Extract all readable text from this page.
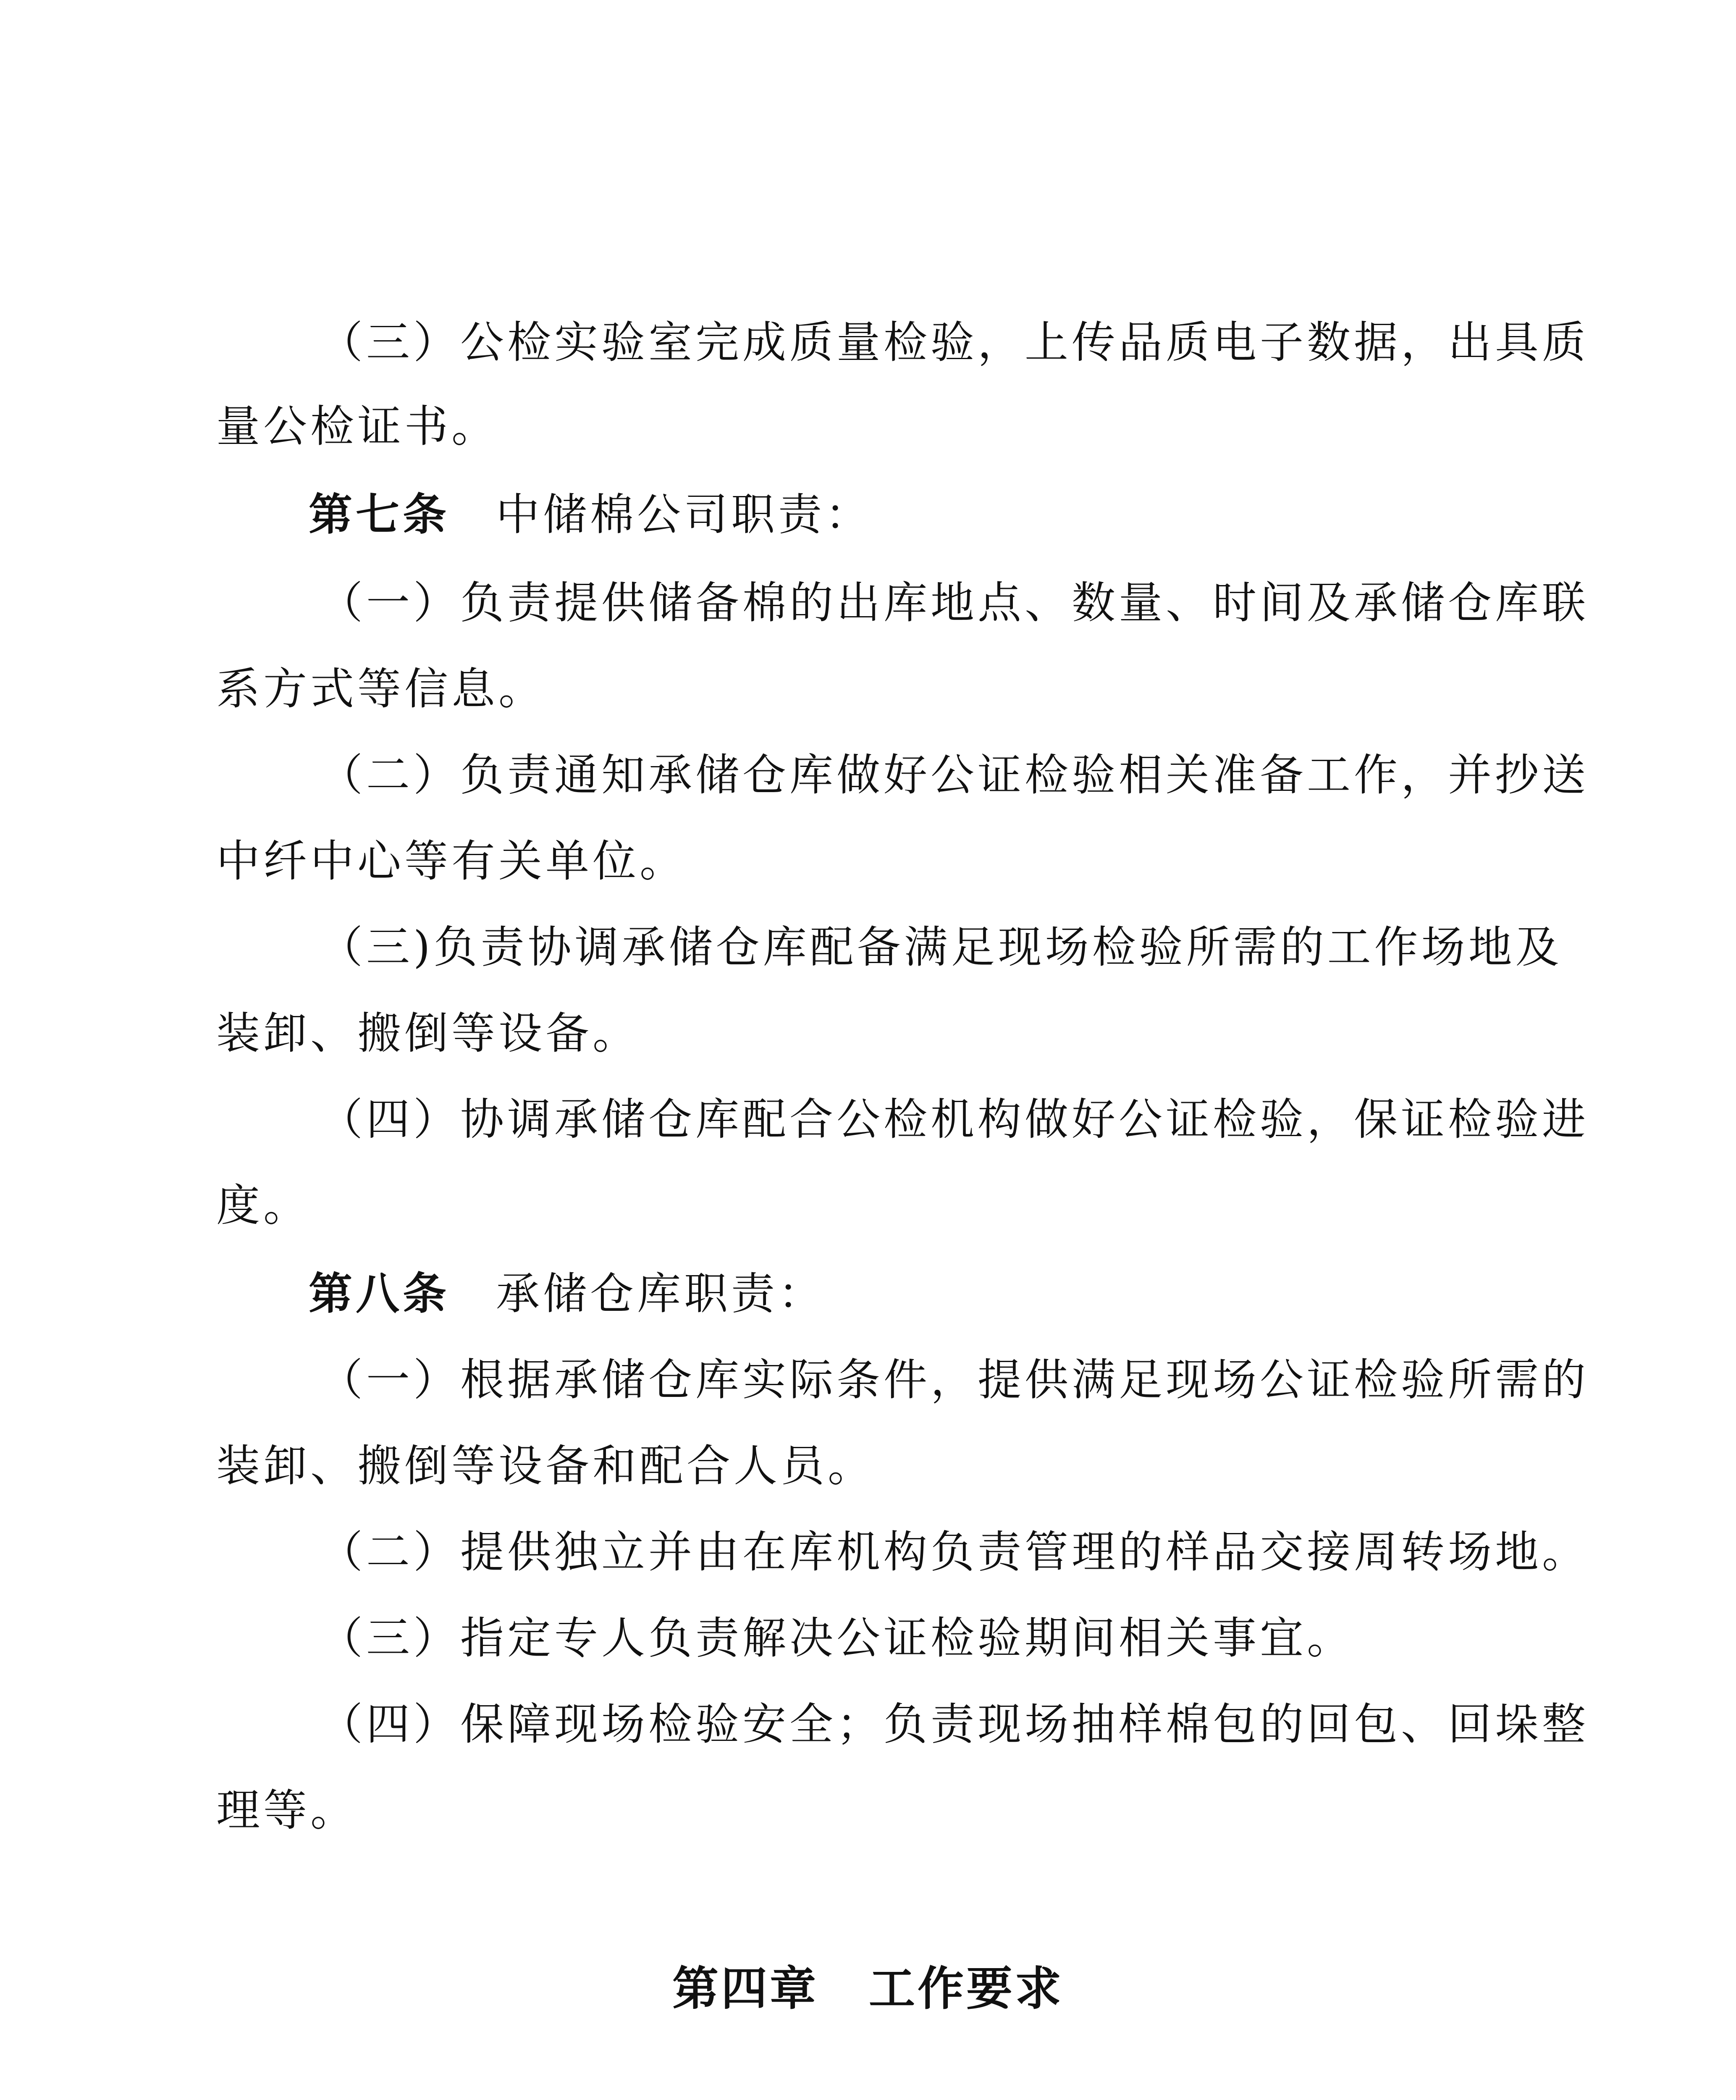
（三）公检实验室完成质量检验，上传品质电子数据，出具质
量公检证书。
第七条 中储棉公司职责：
（一）负责提供储备棉的出库地点、数量、时间及承储仓库联
系方式等信息。
（二）负责通知承储仓库做好公证检验相关准备工作，并抄送
中纤中心等有关单位。
（三)负责协调承储仓库配备满足现场检验所需的工作场地及
装卸、搬倒等设备。
（四）协调承储仓库配合公检机构做好公证检验，保证检验进
度。
第八条 承储仓库职责：
（一）根据承储仓库实际条件，提供满足现场公证检验所需的
装卸、搬倒等设备和配合人员。
（二）提供独立并由在库机构负责管理的样品交接周转场地。
（三）指定专人负责解决公证检验期间相关事宜。
（四）保障现场检验安全；负责现场抽样棉包的回包、回垛整
理等。
第四章 工作要求
